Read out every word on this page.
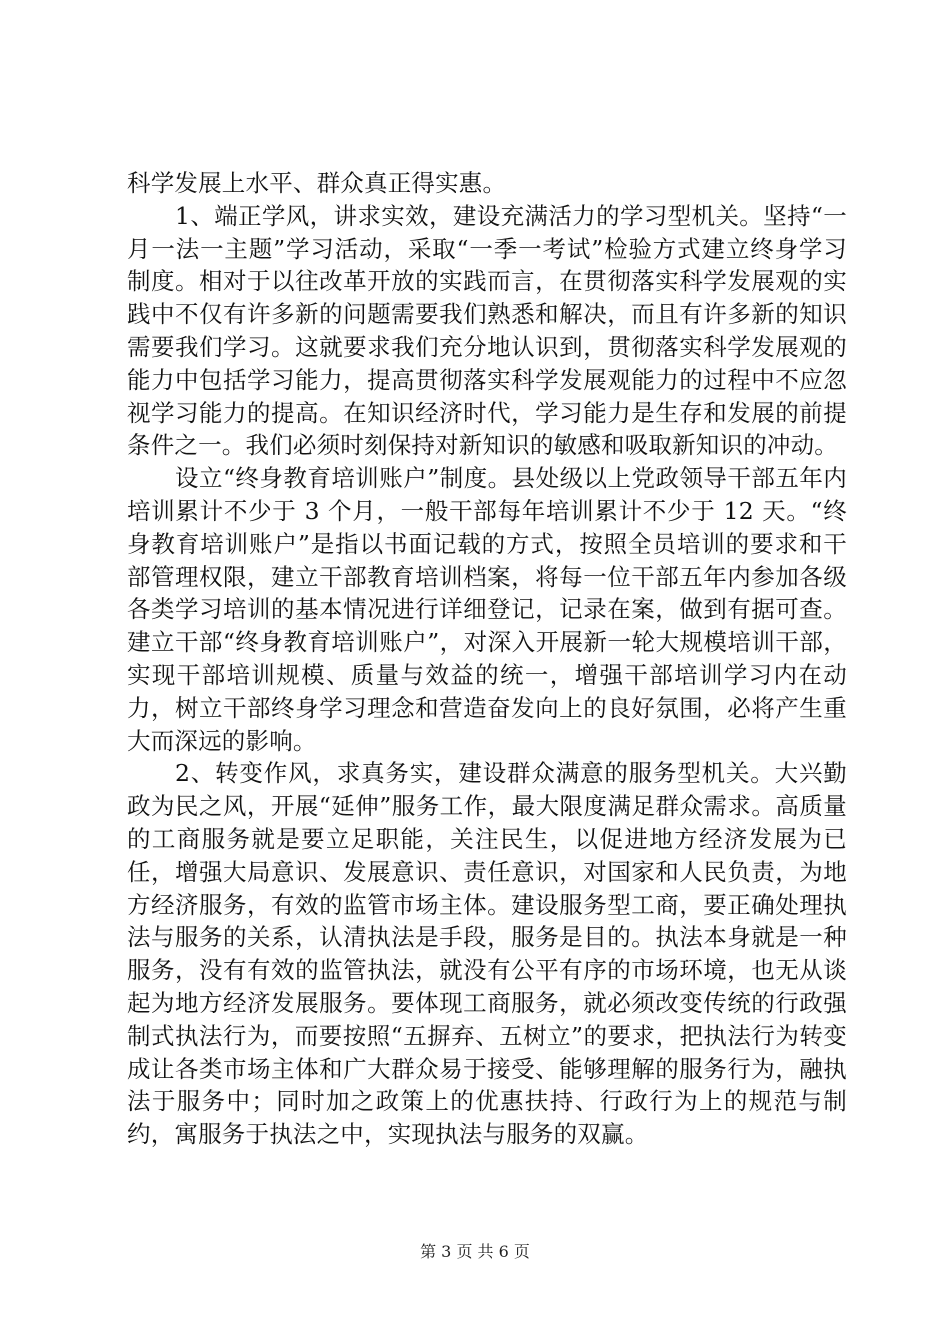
科学发展上水平、群众真正得实惠。

1、端正学风，讲求实效，建设充满活力的学习型机关。坚持“一月一法一主题”学习活动，采取“一季一考试”检验方式建立终身学习制度。相对于以往改革开放的实践而言，在贯彻落实科学发展观的实践中不仅有许多新的问题需要我们熟悉和解决，而且有许多新的知识需要我们学习。这就要求我们充分地认识到，贯彻落实科学发展观的能力中包括学习能力，提高贯彻落实科学发展观能力的过程中不应忽视学习能力的提高。在知识经济时代，学习能力是生存和发展的前提条件之一。我们必须时刻保持对新知识的敏感和吸取新知识的冲动。

设立“终身教育培训账户”制度。县处级以上党政领导干部五年内培训累计不少于 3 个月，一般干部每年培训累计不少于 12 天。“终身教育培训账户”是指以书面记载的方式，按照全员培训的要求和干部管理权限，建立干部教育培训档案，将每一位干部五年内参加各级各类学习培训的基本情况进行详细登记，记录在案，做到有据可查。建立干部“终身教育培训账户”，对深入开展新一轮大规模培训干部，实现干部培训规模、质量与效益的统一，增强干部培训学习内在动力，树立干部终身学习理念和营造奋发向上的良好氛围，必将产生重大而深远的影响。

2、转变作风，求真务实，建设群众满意的服务型机关。大兴勤政为民之风，开展“延伸”服务工作，最大限度满足群众需求。高质量的工商服务就是要立足职能，关注民生，以促进地方经济发展为已任，增强大局意识、发展意识、责任意识，对国家和人民负责，为地方经济服务，有效的监管市场主体。建设服务型工商，要正确处理执法与服务的关系，认清执法是手段，服务是目的。执法本身就是一种服务，没有有效的监管执法，就没有公平有序的市场环境，也无从谈起为地方经济发展服务。要体现工商服务，就必须改变传统的行政强制式执法行为，而要按照“五摒弃、五树立”的要求，把执法行为转变成让各类市场主体和广大群众易于接受、能够理解的服务行为，融执法于服务中；同时加之政策上的优惠扶持、行政行为上的规范与制约，寓服务于执法之中，实现执法与服务的双赢。

第 3 页 共 6 页
